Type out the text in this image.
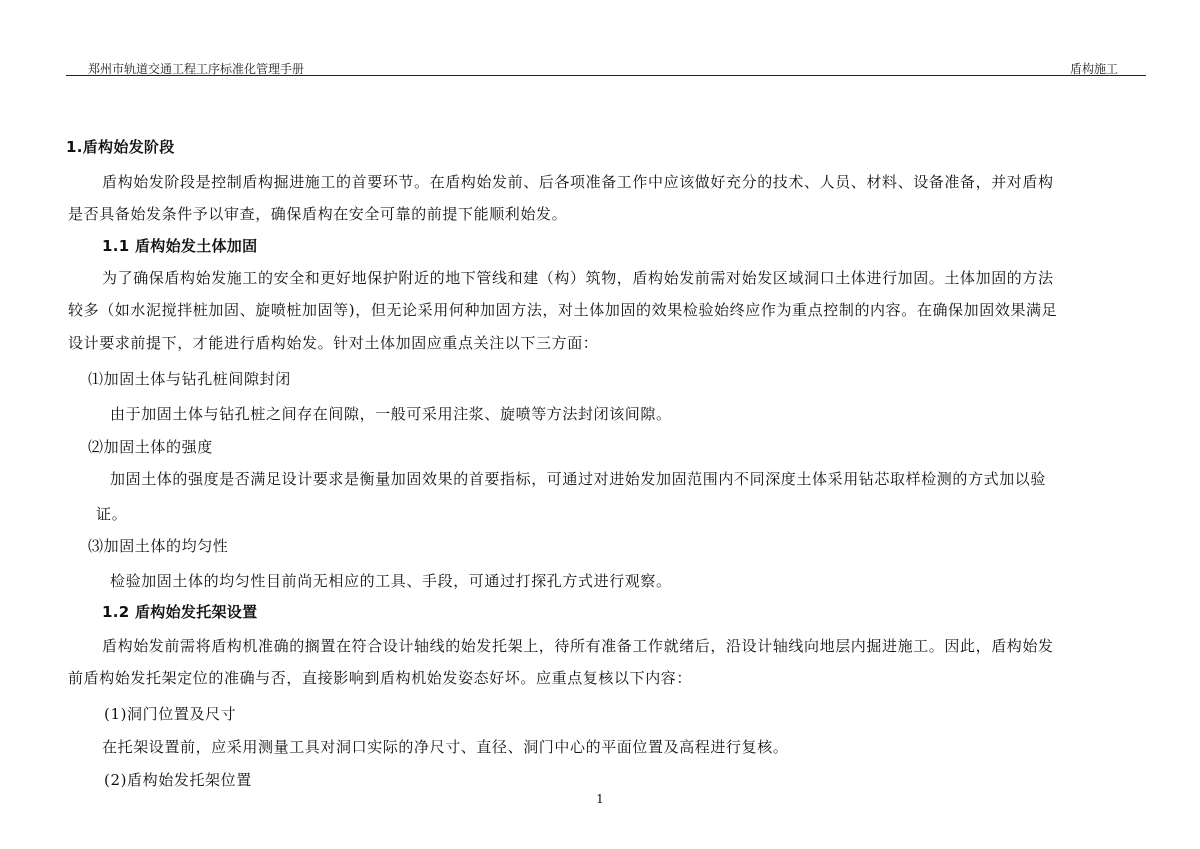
郑州市轨道交通工程工序标准化管理手册	盾构施工
1.盾构始发阶段
盾构始发阶段是控制盾构掘进施工的首要环节。在盾构始发前、后各项准备工作中应该做好充分的技术、人员、材料、设备准备，并对盾构
是否具备始发条件予以审查，确保盾构在安全可靠的前提下能顺利始发。
1.1 盾构始发土体加固
为了确保盾构始发施工的安全和更好地保护附近的地下管线和建（构）筑物，盾构始发前需对始发区域洞口土体进行加固。土体加固的方法
较多（如水泥搅拌桩加固、旋喷桩加固等)，但无论采用何种加固方法，对土体加固的效果检验始终应作为重点控制的内容。在确保加固效果满足
设计要求前提下，才能进行盾构始发。针对土体加固应重点关注以下三方面：
⑴加固土体与钻孔桩间隙封闭
由于加固土体与钻孔桩之间存在间隙，一般可采用注浆、旋喷等方法封闭该间隙。
⑵加固土体的强度
加固土体的强度是否满足设计要求是衡量加固效果的首要指标，可通过对进始发加固范围内不同深度土体采用钻芯取样检测的方式加以验
证。
⑶加固土体的均匀性
检验加固土体的均匀性目前尚无相应的工具、手段，可通过打探孔方式进行观察。
1.2 盾构始发托架设置
盾构始发前需将盾构机准确的搁置在符合设计轴线的始发托架上，待所有准备工作就绪后，沿设计轴线向地层内掘进施工。因此，盾构始发
前盾构始发托架定位的准确与否，直接影响到盾构机始发姿态好坏。应重点复核以下内容：
(1)洞门位置及尺寸
在托架设置前，应采用测量工具对洞口实际的净尺寸、直径、洞门中心的平面位置及高程进行复核。
(2)盾构始发托架位置
1
